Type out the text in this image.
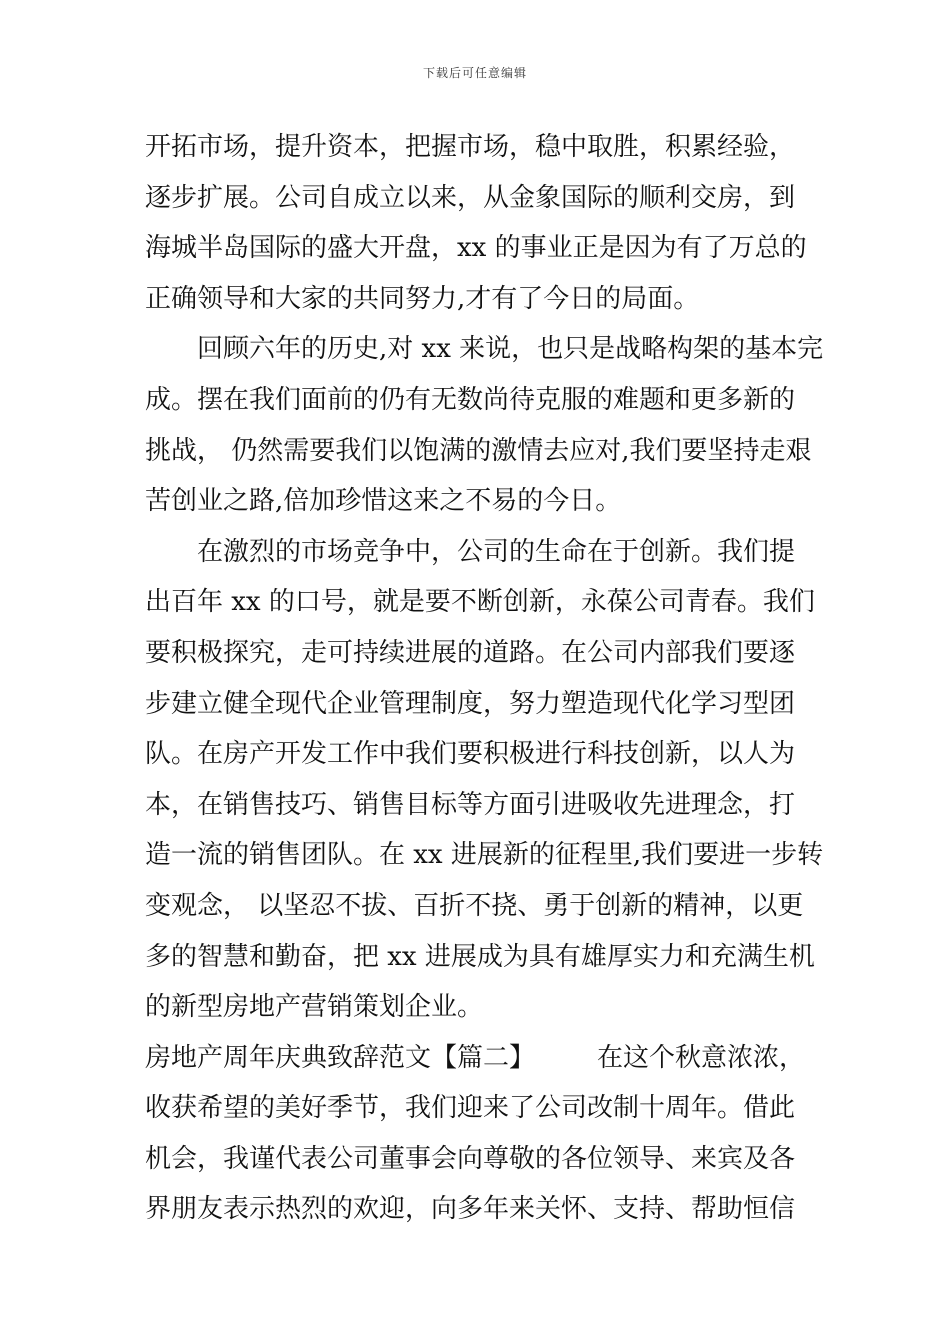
下载后可任意编辑
开拓市场，提升资本，把握市场，稳中取胜，积累经验，
逐步扩展。公司自成立以来，从金象国际的顺利交房，到
海城半岛国际的盛大开盘，xx 的事业正是因为有了万总的
正确领导和大家的共同努力,才有了今日的局面。
回顾六年的历史,对 xx 来说，也只是战略构架的基本完
成。摆在我们面前的仍有无数尚待克服的难题和更多新的
挑战， 仍然需要我们以饱满的激情去应对,我们要坚持走艰
苦创业之路,倍加珍惜这来之不易的今日。
在激烈的市场竞争中，公司的生命在于创新。我们提
出百年 xx 的口号，就是要不断创新，永葆公司青春。我们
要积极探究，走可持续进展的道路。在公司内部我们要逐
步建立健全现代企业管理制度，努力塑造现代化学习型团
队。在房产开发工作中我们要积极进行科技创新，以人为
本，在销售技巧、销售目标等方面引进吸收先进理念，打
造一流的销售团队。在 xx 进展新的征程里,我们要进一步转
变观念， 以坚忍不拔、百折不挠、勇于创新的精神，以更
多的智慧和勤奋，把 xx 进展成为具有雄厚实力和充满生机
的新型房地产营销策划企业。
房地产周年庆典致辞范文【篇二】 在这个秋意浓浓，
收获希望的美好季节，我们迎来了公司改制十周年。借此
机会，我谨代表公司董事会向尊敬的各位领导、来宾及各
界朋友表示热烈的欢迎，向多年来关怀、支持、帮助恒信
